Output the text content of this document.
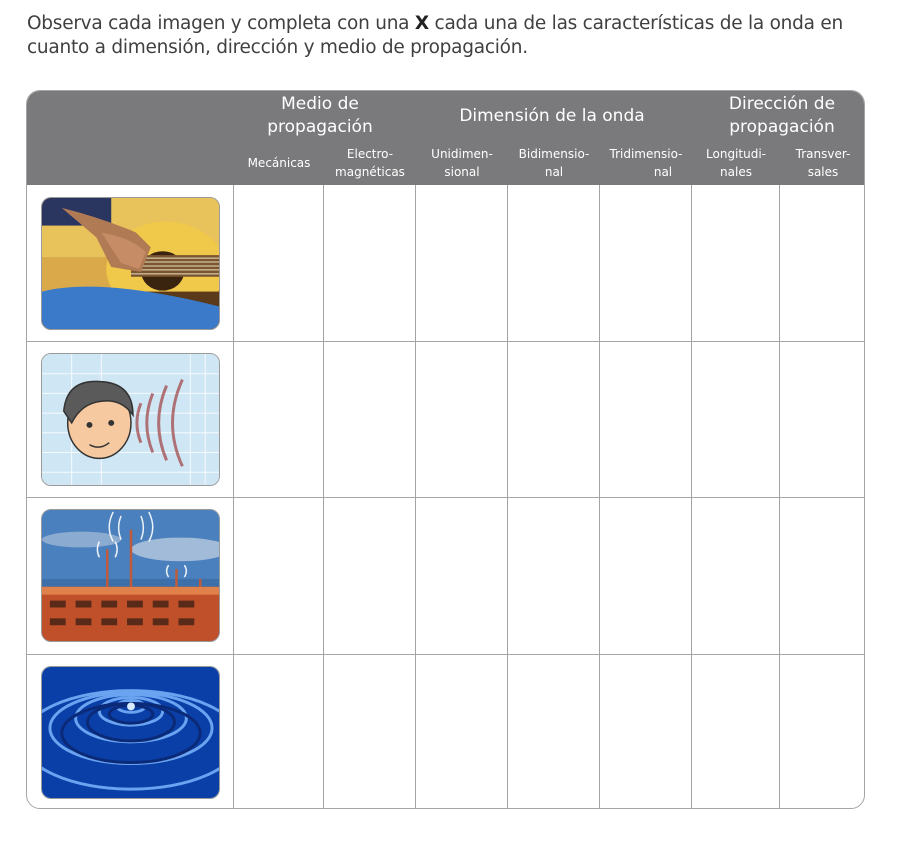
Observa cada imagen y completa con una X cada una de las características de la onda en cuanto a dimensión, dirección y medio de propagación.
Medio de propagación
Dimensión de la onda
Dirección de propagación
Mecánicas
Electro-
magnéticas
Unidimen-
sional
Bidimensio-
nal
Tridimensio-
nal
Longitudi-
nales
Transver-
sales
